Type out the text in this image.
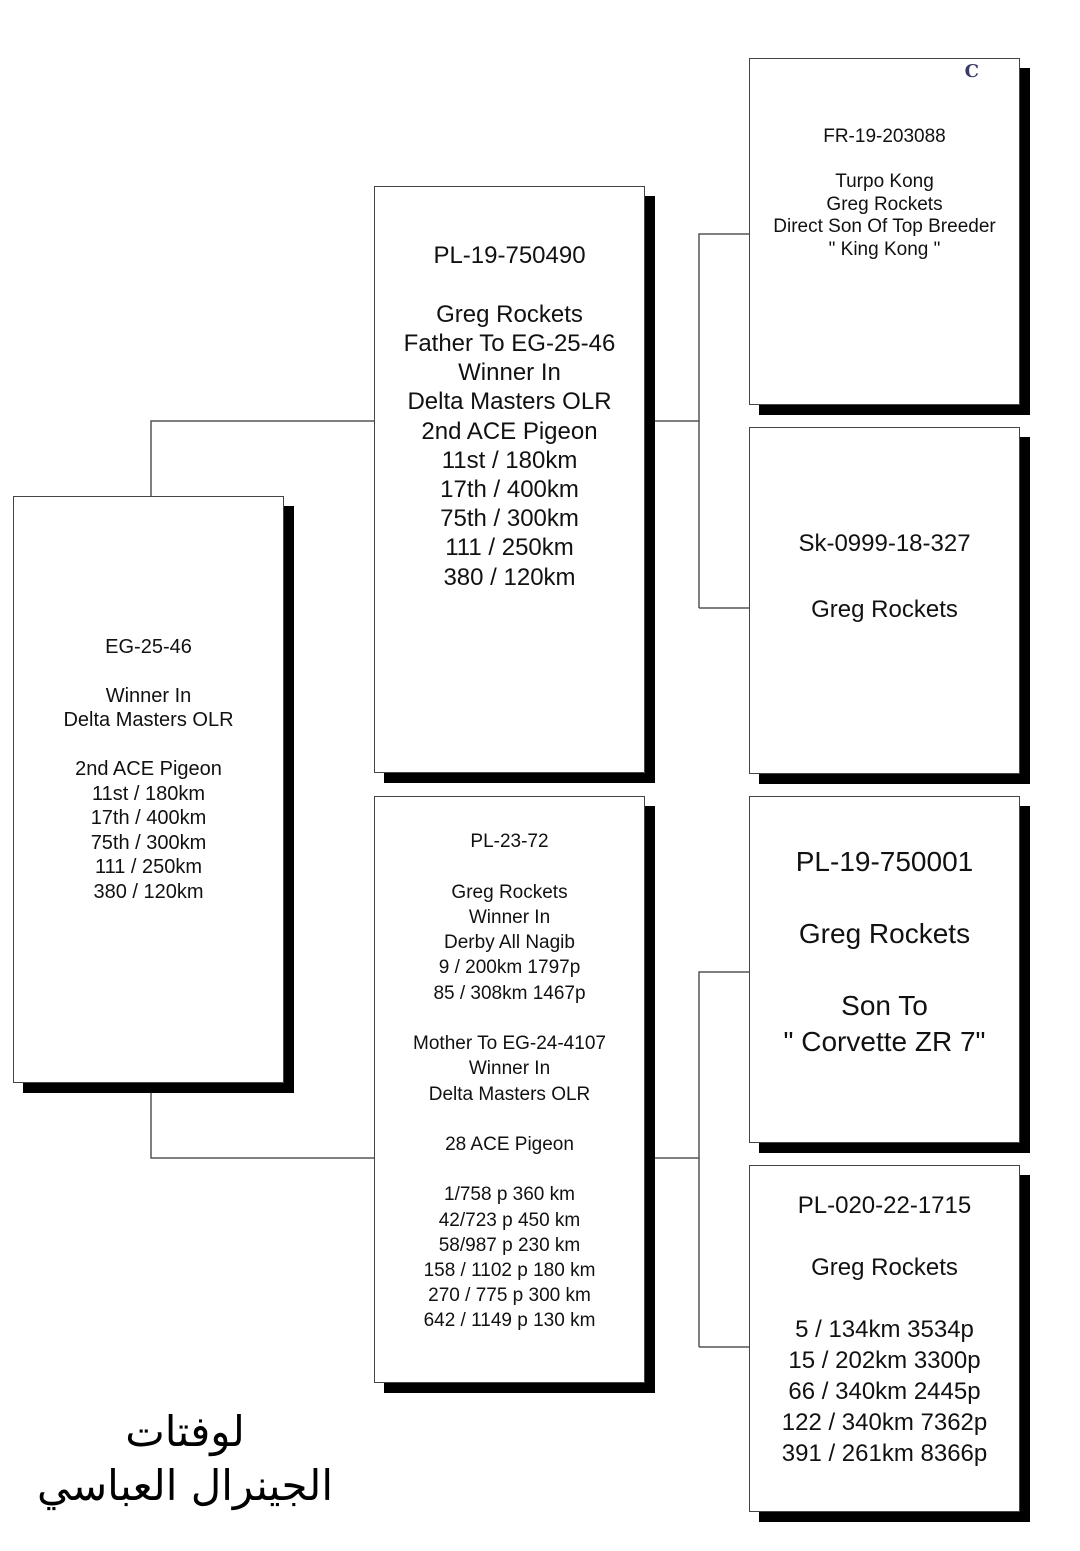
EG-25-46

Winner In
Delta Masters OLR

2nd ACE Pigeon
11st / 180km
17th / 400km
75th / 300km
111 / 250km
380 / 120km
PL-19-750490

Greg Rockets
Father To EG-25-46
Winner In
Delta Masters OLR
2nd ACE Pigeon
11st / 180km
17th / 400km
75th / 300km
111 / 250km
380 / 120km
PL-23-72

Greg Rockets
Winner In
Derby All Nagib
9 / 200km 1797p
85 / 308km 1467p

Mother To EG-24-4107
Winner In
Delta Masters OLR

28 ACE Pigeon

1/758 p 360 km
42/723 p 450 km
58/987 p 230 km
158 / 1102 p 180 km
270 / 775 p 300 km
642 / 1149 p 130 km
C
FR-19-203088

Turpo Kong
Greg Rockets
Direct Son Of Top Breeder
" King Kong "
Sk-0999-18-327

Greg Rockets
PL-19-750001

Greg Rockets

Son To
" Corvette ZR 7"
PL-020-22-1715

Greg Rockets

5 / 134km 3534p
15 / 202km 3300p
66 / 340km 2445p
122 / 340km 7362p
391 / 261km 8366p
لوفتات
الجينرال العباسي
